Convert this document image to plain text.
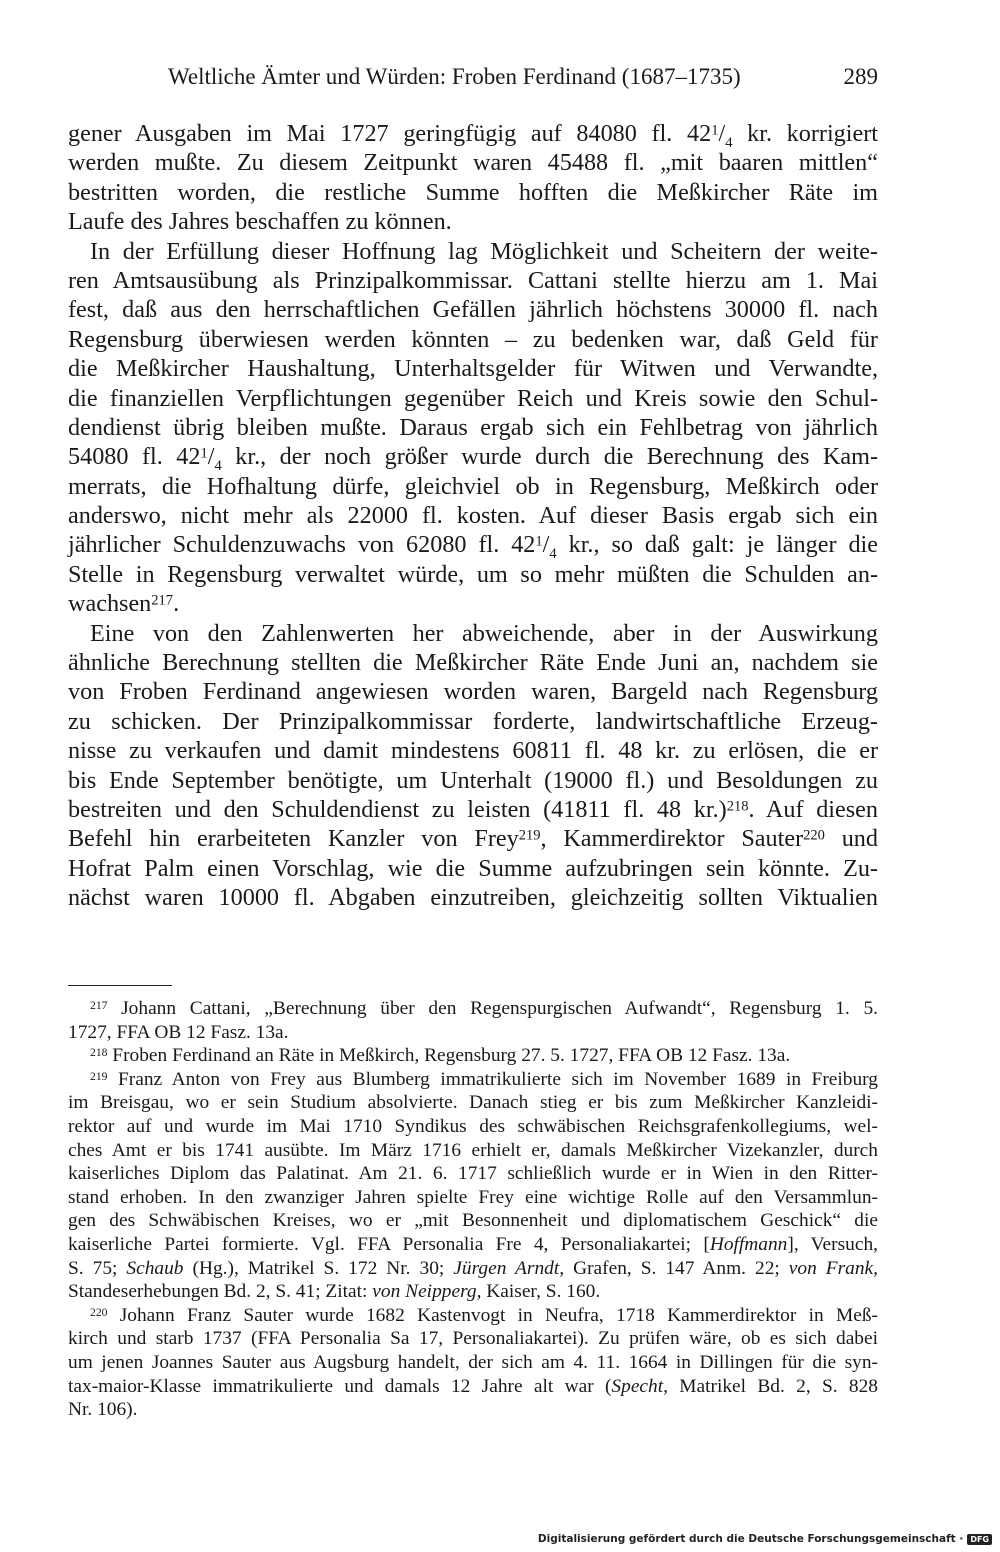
Weltliche Ämter und Würden: Froben Ferdinand (1687–1735)	289
gener Ausgaben im Mai 1727 geringfügig auf 84080 fl. $42^1/_4$ kr. korrigiert
werden mußte. Zu diesem Zeitpunkt waren 45488 fl. „mit baaren mittlen“
bestritten worden, die restliche Summe hofften die Meßkircher Räte im
Laufe des Jahres beschaffen zu können.
In der Erfüllung dieser Hoffnung lag Möglichkeit und Scheitern der weite-
ren Amtsausübung als Prinzipalkommissar. Cattani stellte hierzu am 1. Mai
fest, daß aus den herrschaftlichen Gefällen jährlich höchstens 30000 fl. nach
Regensburg überwiesen werden könnten – zu bedenken war, daß Geld für
die Meßkircher Haushaltung, Unterhaltsgelder für Witwen und Verwandte,
die finanziellen Verpflichtungen gegenüber Reich und Kreis sowie den Schul-
dendienst übrig bleiben mußte. Daraus ergab sich ein Fehlbetrag von jährlich
54080 fl. $42^1/_4$ kr., der noch größer wurde durch die Berechnung des Kam-
merrats, die Hofhaltung dürfe, gleichviel ob in Regensburg, Meßkirch oder
anderswo, nicht mehr als 22000 fl. kosten. Auf dieser Basis ergab sich ein
jährlicher Schuldenzuwachs von 62080 fl. $42^1/_4$ kr., so daß galt: je länger die
Stelle in Regensburg verwaltet würde, um so mehr müßten die Schulden an-
wachsen$^{217}$.
Eine von den Zahlenwerten her abweichende, aber in der Auswirkung
ähnliche Berechnung stellten die Meßkircher Räte Ende Juni an, nachdem sie
von Froben Ferdinand angewiesen worden waren, Bargeld nach Regensburg
zu schicken. Der Prinzipalkommissar forderte, landwirtschaftliche Erzeug-
nisse zu verkaufen und damit mindestens 60811 fl. 48 kr. zu erlösen, die er
bis Ende September benötigte, um Unterhalt (19000 fl.) und Besoldungen zu
bestreiten und den Schuldendienst zu leisten (41811 fl. 48 kr.)$^{218}$. Auf diesen
Befehl hin erarbeiteten Kanzler von Frey$^{219}$, Kammerdirektor Sauter$^{220}$ und
Hofrat Palm einen Vorschlag, wie die Summe aufzubringen sein könnte. Zu-
nächst waren 10000 fl. Abgaben einzutreiben, gleichzeitig sollten Viktualien
$^{217}$ Johann Cattani, „Berechnung über den Regenspurgischen Aufwandt“, Regensburg 1. 5.
1727, FFA OB 12 Fasz. 13a.
$^{218}$ Froben Ferdinand an Räte in Meßkirch, Regensburg 27. 5. 1727, FFA OB 12 Fasz. 13a.
$^{219}$ Franz Anton von Frey aus Blumberg immatrikulierte sich im November 1689 in Freiburg
im Breisgau, wo er sein Studium absolvierte. Danach stieg er bis zum Meßkircher Kanzleidi-
rektor auf und wurde im Mai 1710 Syndikus des schwäbischen Reichsgrafenkollegiums, wel-
ches Amt er bis 1741 ausübte. Im März 1716 erhielt er, damals Meßkircher Vizekanzler, durch
kaiserliches Diplom das Palatinat. Am 21. 6. 1717 schließlich wurde er in Wien in den Ritter-
stand erhoben. In den zwanziger Jahren spielte Frey eine wichtige Rolle auf den Versammlun-
gen des Schwäbischen Kreises, wo er „mit Besonnenheit und diplomatischem Geschick“ die
kaiserliche Partei formierte. Vgl. FFA Personalia Fre 4, Personaliakartei; [Hoffmann], Versuch,
S. 75; Schaub (Hg.), Matrikel S. 172 Nr. 30; Jürgen Arndt, Grafen, S. 147 Anm. 22; von Frank,
Standeserhebungen Bd. 2, S. 41; Zitat: von Neipperg, Kaiser, S. 160.
$^{220}$ Johann Franz Sauter wurde 1682 Kastenvogt in Neufra, 1718 Kammerdirektor in Meß-
kirch und starb 1737 (FFA Personalia Sa 17, Personaliakartei). Zu prüfen wäre, ob es sich dabei
um jenen Joannes Sauter aus Augsburg handelt, der sich am 4. 11. 1664 in Dillingen für die syn-
tax-maior-Klasse immatrikulierte und damals 12 Jahre alt war (Specht, Matrikel Bd. 2, S. 828
Nr. 106).
Digitalisierung gefördert durch die Deutsche Forschungsgemeinschaft · DFG
